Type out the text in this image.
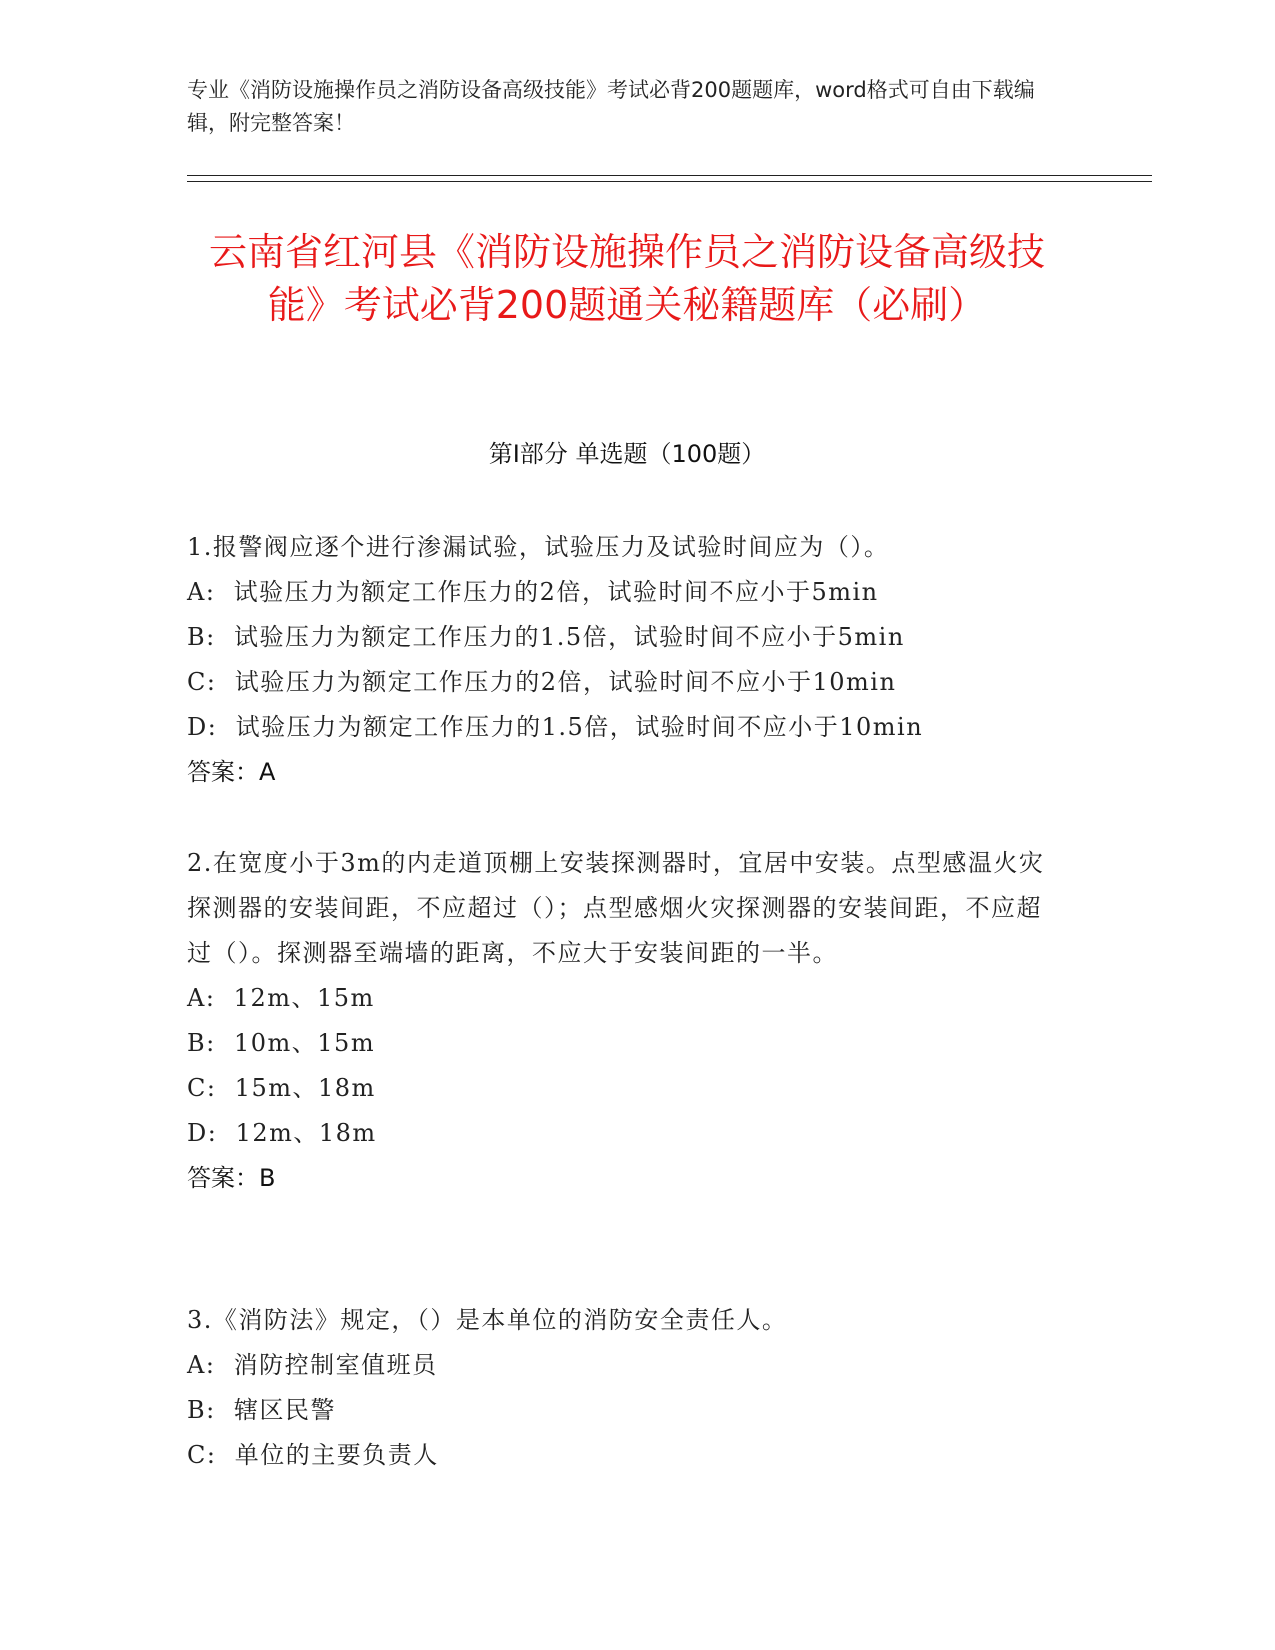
专业《消防设施操作员之消防设备高级技能》考试必背200题题库，word格式可自由下载编辑，附完整答案！
云南省红河县《消防设施操作员之消防设备高级技能》考试必背200题通关秘籍题库（必刷）
第Ⅰ部分 单选题（100题）

1.报警阀应逐个进行渗漏试验，试验压力及试验时间应为（）。

A:  试验压力为额定工作压力的2倍，试验时间不应小于5min

B:  试验压力为额定工作压力的1.5倍，试验时间不应小于5min

C:  试验压力为额定工作压力的2倍，试验时间不应小于10min

D:  试验压力为额定工作压力的1.5倍，试验时间不应小于10min

答案：A

2.在宽度小于3m的内走道顶棚上安装探测器时，宜居中安装。点型感温火灾探测器的安装间距，不应超过（）；点型感烟火灾探测器的安装间距，不应超过（）。探测器至端墙的距离，不应大于安装间距的一半。

A:  12m、15m

B:  10m、15m

C:  15m、18m

D:  12m、18m

答案：B

3.《消防法》规定，（）是本单位的消防安全责任人。

A:  消防控制室值班员

B:  辖区民警

C:  单位的主要负责人
